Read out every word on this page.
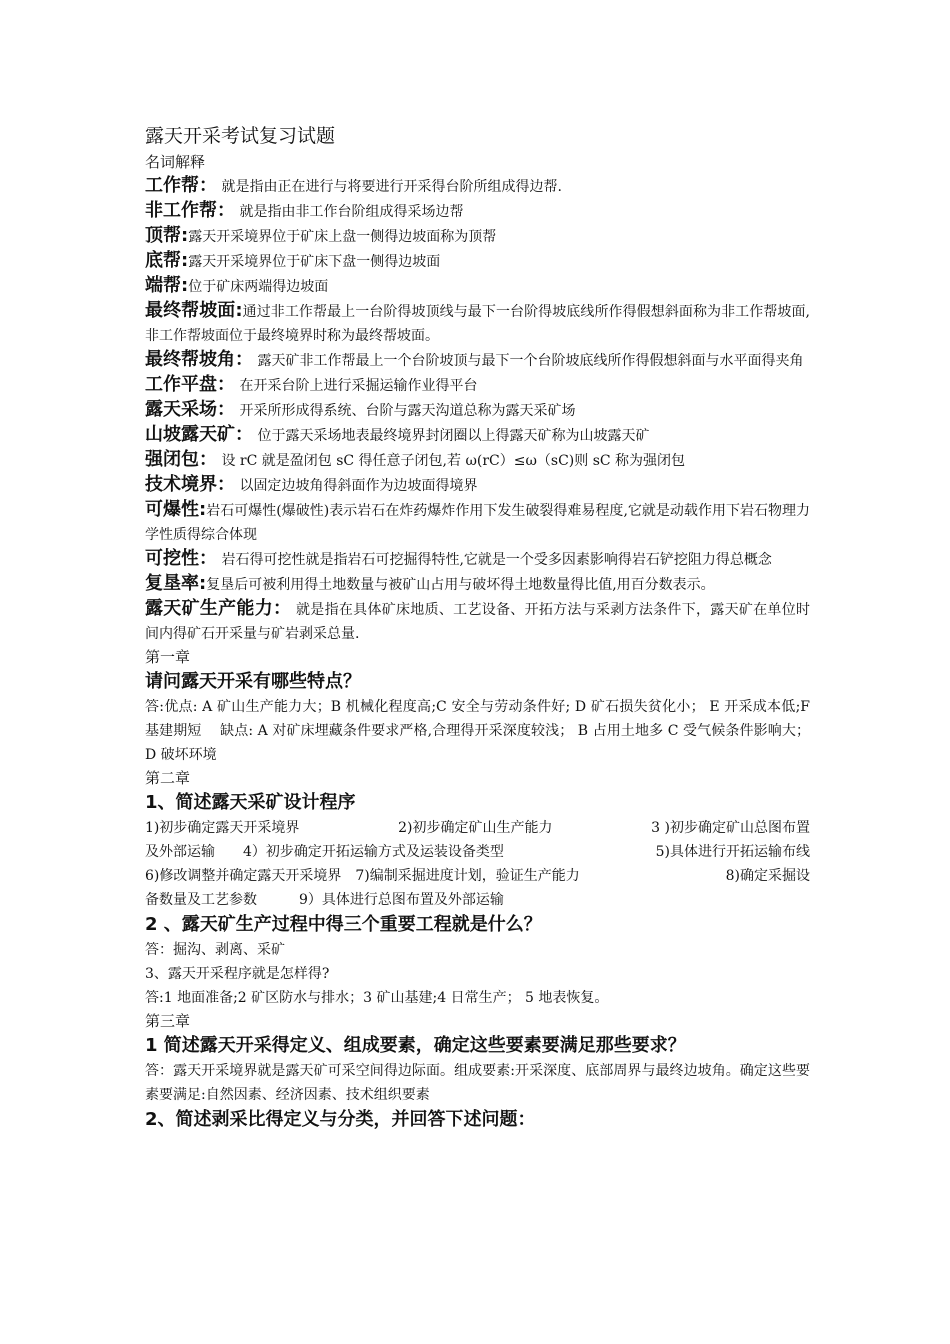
露天开采考试复习试题

名词解释

工作帮： 就是指由正在进行与将要进行开采得台阶所组成得边帮.

非工作帮： 就是指由非工作台阶组成得采场边帮

顶帮:露天开采境界位于矿床上盘一侧得边坡面称为顶帮

底帮:露天开采境界位于矿床下盘一侧得边坡面

端帮:位于矿床两端得边坡面

最终帮坡面:通过非工作帮最上一台阶得坡顶线与最下一台阶得坡底线所作得假想斜面称为非工作帮坡面,非工作帮坡面位于最终境界时称为最终帮坡面。

最终帮坡角： 露天矿非工作帮最上一个台阶坡顶与最下一个台阶坡底线所作得假想斜面与水平面得夹角

工作平盘： 在开采台阶上进行采掘运输作业得平台

露天采场： 开采所形成得系统、台阶与露天沟道总称为露天采矿场

山坡露天矿： 位于露天采场地表最终境界封闭圈以上得露天矿称为山坡露天矿

强闭包： 设 rC 就是盈闭包 sC 得任意子闭包,若 ω(rC）≤ω（sC)则 sC 称为强闭包

技术境界： 以固定边坡角得斜面作为边坡面得境界

可爆性:岩石可爆性(爆破性)表示岩石在炸药爆炸作用下发生破裂得难易程度,它就是动载作用下岩石物理力学性质得综合体现

可挖性： 岩石得可挖性就是指岩石可挖掘得特性,它就是一个受多因素影响得岩石铲挖阻力得总概念

复垦率:复垦后可被利用得土地数量与被矿山占用与破坏得土地数量得比值,用百分数表示。

露天矿生产能力： 就是指在具体矿床地质、工艺设备、开拓方法与采剥方法条件下，露天矿在单位时间内得矿石开采量与矿岩剥采总量.

第一章

请问露天开采有哪些特点？

答:优点: A 矿山生产能力大；B 机械化程度高;C 安全与劳动条件好; D 矿石损失贫化小； E 开采成本低;F 基建期短　 缺点: A 对矿床埋藏条件要求严格,合理得开采深度较浅； B 占用土地多 C 受气候条件影响大；D 破坏环境

第二章

1、简述露天采矿设计程序

1)初步确定露天开采境界	2)初步确定矿山生产能力	3 )初步确定矿山总图布置
及外部运输　　4）初步确定开拓运输方式及运装设备类型	5)具体进行开拓运输布线
6)修改调整并确定露天开采境界　7)编制采掘进度计划，验证生产能力	8)确定采掘设

备数量及工艺参数　　　9）具体进行总图布置及外部运输

2 、露天矿生产过程中得三个重要工程就是什么？

答：掘沟、剥离、采矿

3、露天开采程序就是怎样得?

答:1 地面准备;2 矿区防水与排水；3 矿山基建;4 日常生产； 5 地表恢复。

第三章

1 简述露天开采得定义、组成要素，确定这些要素要满足那些要求？

答：露天开采境界就是露天矿可采空间得边际面。组成要素:开采深度、底部周界与最终边坡角。确定这些要素要满足:自然因素、经济因素、技术组织要素

2、简述剥采比得定义与分类，并回答下述问题：
